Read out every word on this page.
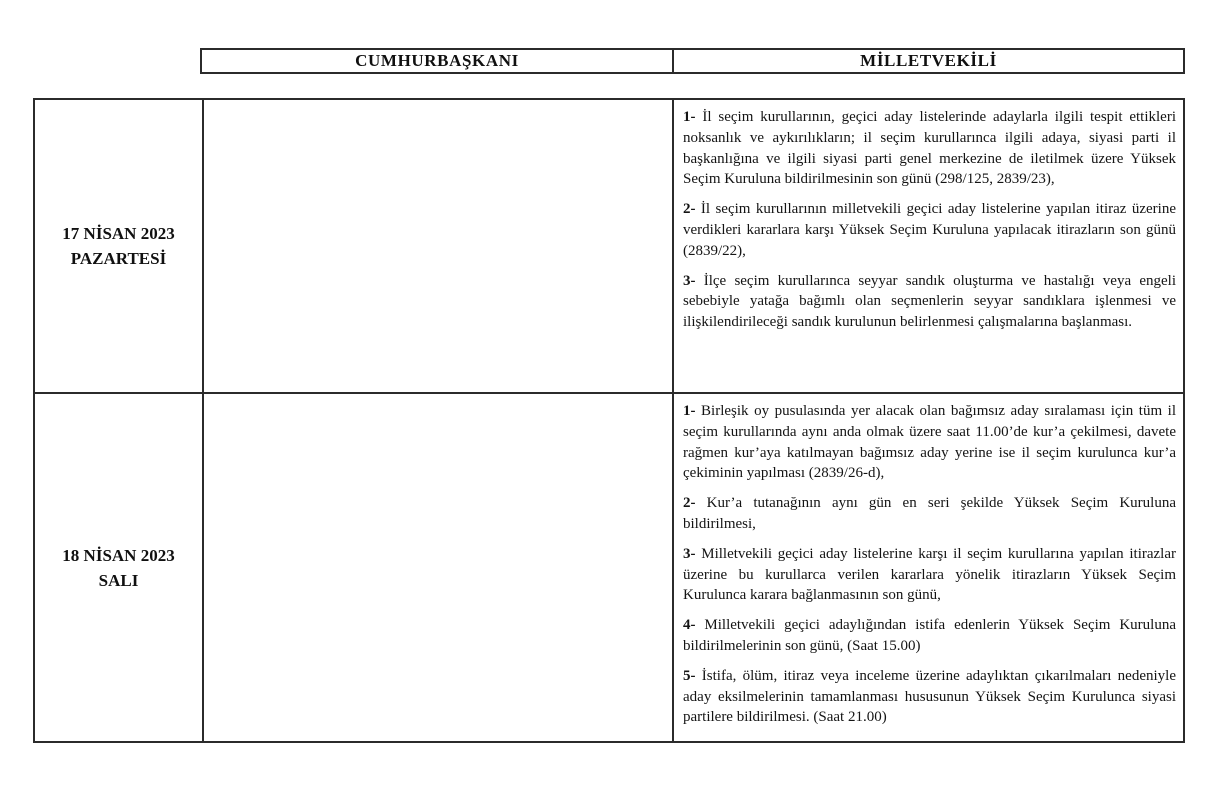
CUMHURBAŞKANI	MİLLETVEKİLİ
17 NİSAN 2023
PAZARTESİ

1- İl seçim kurullarının, geçici aday listelerinde adaylarla ilgili tespit ettikleri noksanlık ve aykırılıkların; il seçim kurullarınca ilgili adaya, siyasi parti il başkanlığına ve ilgili siyasi parti genel merkezine de iletilmek üzere Yüksek Seçim Kuruluna bildirilmesinin son günü (298/125, 2839/23),

2- İl seçim kurullarının milletvekili geçici aday listelerine yapılan itiraz üzerine verdikleri kararlara karşı Yüksek Seçim Kuruluna yapılacak itirazların son günü (2839/22),

3- İlçe seçim kurullarınca seyyar sandık oluşturma ve hastalığı veya engeli sebebiyle yatağa bağımlı olan seçmenlerin seyyar sandıklara işlenmesi ve ilişkilendirileceği sandık kurulunun belirlenmesi çalışmalarına başlanması.

18 NİSAN 2023
SALI

1- Birleşik oy pusulasında yer alacak olan bağımsız aday sıralaması için tüm il seçim kurullarında aynı anda olmak üzere saat 11.00’de kur’a çekilmesi, davete rağmen kur’aya katılmayan bağımsız aday yerine ise il seçim kurulunca kur’a çekiminin yapılması (2839/26-d),

2- Kur’a tutanağının aynı gün en seri şekilde Yüksek Seçim Kuruluna bildirilmesi,

3- Milletvekili geçici aday listelerine karşı il seçim kurullarına yapılan itirazlar üzerine bu kurullarca verilen kararlara yönelik itirazların Yüksek Seçim Kurulunca karara bağlanmasının son günü,

4- Milletvekili geçici adaylığından istifa edenlerin Yüksek Seçim Kuruluna bildirilmelerinin son günü, (Saat 15.00)

5- İstifa, ölüm, itiraz veya inceleme üzerine adaylıktan çıkarılmaları nedeniyle aday eksilmelerinin tamamlanması hususunun Yüksek Seçim Kurulunca siyasi partilere bildirilmesi. (Saat 21.00)
